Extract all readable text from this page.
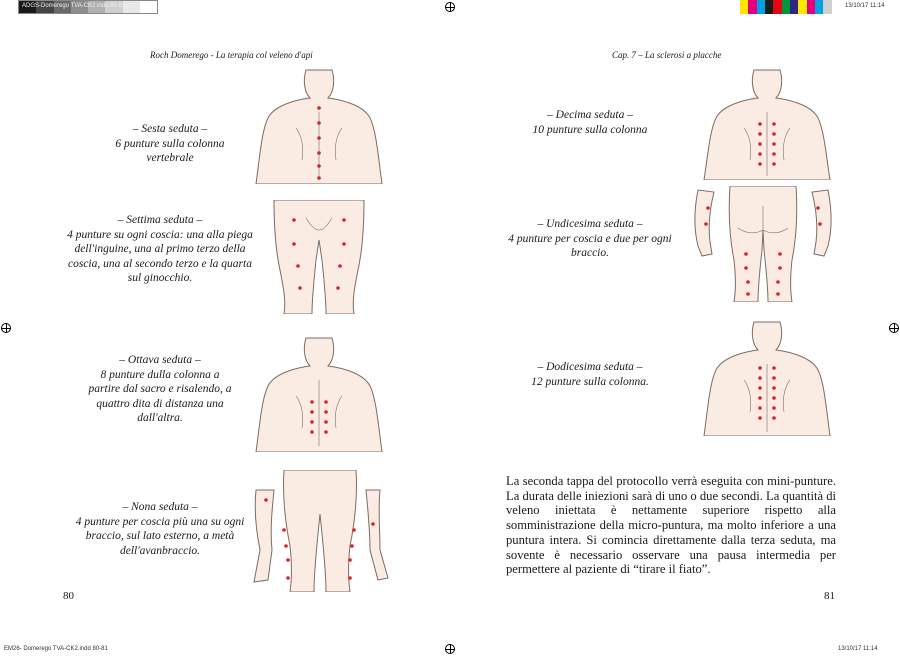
ADGS-Domerego TVA-CK2.indd 80-81	13/10/17 11:14
EM26- Domerego TVA-CK2.indd 80-81	13/10/17 11:14
Roch Domerego - La terapia col veleno d'api	Cap. 7 – La sclerosi a placche
– Sesta seduta –
6 punture sulla colonna vertebrale
– Settima seduta –
4 punture su ogni coscia: una alla piega dell'inguine, una al primo terzo della coscia, una al secondo terzo e la quarta sul ginocchio.
– Ottava seduta –
8 punture dulla colonna a partire dal sacro e risalendo, a quattro dita di distanza una dall'altra.
– Nona seduta –
4 punture per coscia più una su ogni braccio, sul lato esterno, a metà dell'avanbraccio.
80
– Decima seduta –
10 punture sulla colonna
– Undicesima seduta –
4 punture per coscia e due per ogni braccio.
– Dodicesima seduta –
12 punture sulla colonna.
La seconda tappa del protocollo verrà eseguita con mini-punture. La durata delle iniezioni sarà di uno o due secondi. La quantità di veleno iniettata è nettamente superiore rispetto alla somministrazione della micro-puntura, ma molto inferiore a una puntura intera. Si comincia direttamente dalla terza seduta, ma sovente è necessario osservare una pausa intermedia per permettere al paziente di “tirare il fiato”.
81
